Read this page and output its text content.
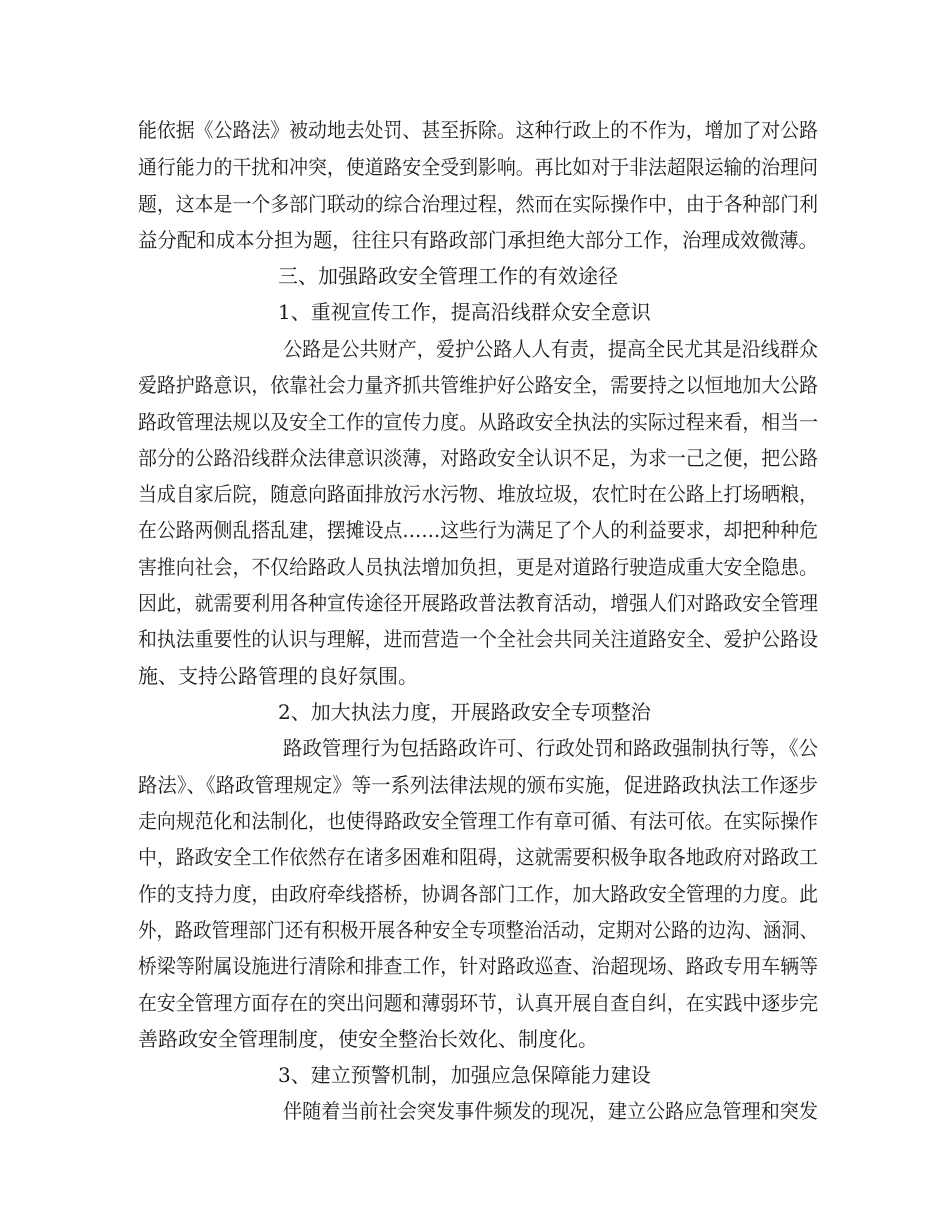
能依据《公路法》被动地去处罚、甚至拆除。这种行政上的不作为，增加了对公路
通行能力的干扰和冲突，使道路安全受到影响。再比如对于非法超限运输的治理问
题，这本是一个多部门联动的综合治理过程，然而在实际操作中，由于各种部门利
益分配和成本分担为题，往往只有路政部门承担绝大部分工作，治理成效微薄。
三、加强路政安全管理工作的有效途径
1、重视宣传工作，提高沿线群众安全意识
公路是公共财产，爱护公路人人有责，提高全民尤其是沿线群众
爱路护路意识，依靠社会力量齐抓共管维护好公路安全，需要持之以恒地加大公路
路政管理法规以及安全工作的宣传力度。从路政安全执法的实际过程来看，相当一
部分的公路沿线群众法律意识淡薄，对路政安全认识不足，为求一己之便，把公路
当成自家后院，随意向路面排放污水污物、堆放垃圾，农忙时在公路上打场晒粮，
在公路两侧乱搭乱建，摆摊设点……这些行为满足了个人的利益要求，却把种种危
害推向社会，不仅给路政人员执法增加负担，更是对道路行驶造成重大安全隐患。
因此，就需要利用各种宣传途径开展路政普法教育活动，增强人们对路政安全管理
和执法重要性的认识与理解，进而营造一个全社会共同关注道路安全、爱护公路设
施、支持公路管理的良好氛围。
2、加大执法力度，开展路政安全专项整治
路政管理行为包括路政许可、行政处罚和路政强制执行等，《公
路法》、《路政管理规定》等一系列法律法规的颁布实施，促进路政执法工作逐步
走向规范化和法制化，也使得路政安全管理工作有章可循、有法可依。在实际操作
中，路政安全工作依然存在诸多困难和阻碍，这就需要积极争取各地政府对路政工
作的支持力度，由政府牵线搭桥，协调各部门工作，加大路政安全管理的力度。此
外，路政管理部门还有积极开展各种安全专项整治活动，定期对公路的边沟、涵洞、
桥梁等附属设施进行清除和排查工作，针对路政巡查、治超现场、路政专用车辆等
在安全管理方面存在的突出问题和薄弱环节，认真开展自查自纠，在实践中逐步完
善路政安全管理制度，使安全整治长效化、制度化。
3、建立预警机制，加强应急保障能力建设
伴随着当前社会突发事件频发的现况，建立公路应急管理和突发
